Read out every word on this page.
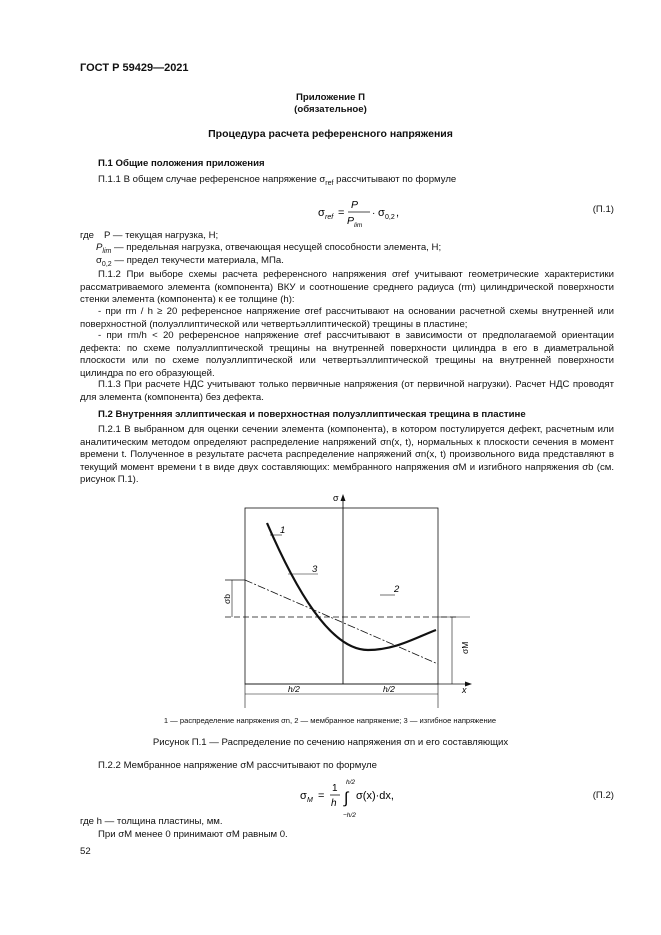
ГОСТ Р 59429—2021
Приложение П
(обязательное)
Процедура расчета референсного напряжения
П.1 Общие положения приложения
П.1.1 В общем случае референсное напряжение $\sigma_{ref}$ рассчитывают по формуле
σ ref =
P
P lim
· σ 0,2 ,	(П.1)
где P — текущая нагрузка, Н;
$P_{lim}$ — предельная нагрузка, отвечающая несущей способности элемента, Н;
$\sigma_{0,2}$ — предел текучести материала, МПа.
П.1.2 При выборе схемы расчета референсного напряжения σref учитывают геометрические характеристики рассматриваемого элемента (компонента) ВКУ и соотношение среднего радиуса (rm) цилиндрической поверхности стенки элемента (компонента) к ее толщине (h):
- при rm / h ≥ 20 референсное напряжение σref рассчитывают на основании расчетной схемы внутренней или поверхностной (полуэллиптической или четвертьэллиптической) трещины в пластине;
- при rm/h < 20 референсное напряжение σref рассчитывают в зависимости от предполагаемой ориентации дефекта: по схеме полуэллиптической трещины на внутренней поверхности цилиндра в его в диаметральной плоскости или по схеме полуэллиптической или четвертьэллиптической трещины на внутренней поверхности цилиндра по его образующей.
П.1.3 При расчете НДС учитывают только первичные напряжения (от первичной нагрузки). Расчет НДС проводят для элемента (компонента) без дефекта.
П.2 Внутренняя эллиптическая и поверхностная полуэллиптическая трещина в пластине
П.2.1 В выбранном для оценки сечении элемента (компонента), в котором постулируется дефект, расчетным или аналитическим методом определяют распределение напряжений σn(x, t), нормальных к плоскости сечения в момент времени t. Полученное в результате расчета распределение напряжений σn(x, t) произвольного вида представляют в текущий момент времени t в виде двух составляющих: мембранного напряжения σM и изгибного напряжения σb (см. рисунок П.1).
σ
x
σb
σM
1
3
2
h/2	h/2
1 — распределение напряжения σn, 2 — мембранное напряжение; 3 — изгибное напряжение
Рисунок П.1 — Распределение по сечению напряжения σn и его составляющих
П.2.2 Мембранное напряжение σM рассчитывают по формуле
σ M =
1
h ∫
h/2
−h/2
σ(x)·dx,	(П.2)
где h — толщина пластины, мм.
При σM менее 0 принимают σM равным 0.
52
